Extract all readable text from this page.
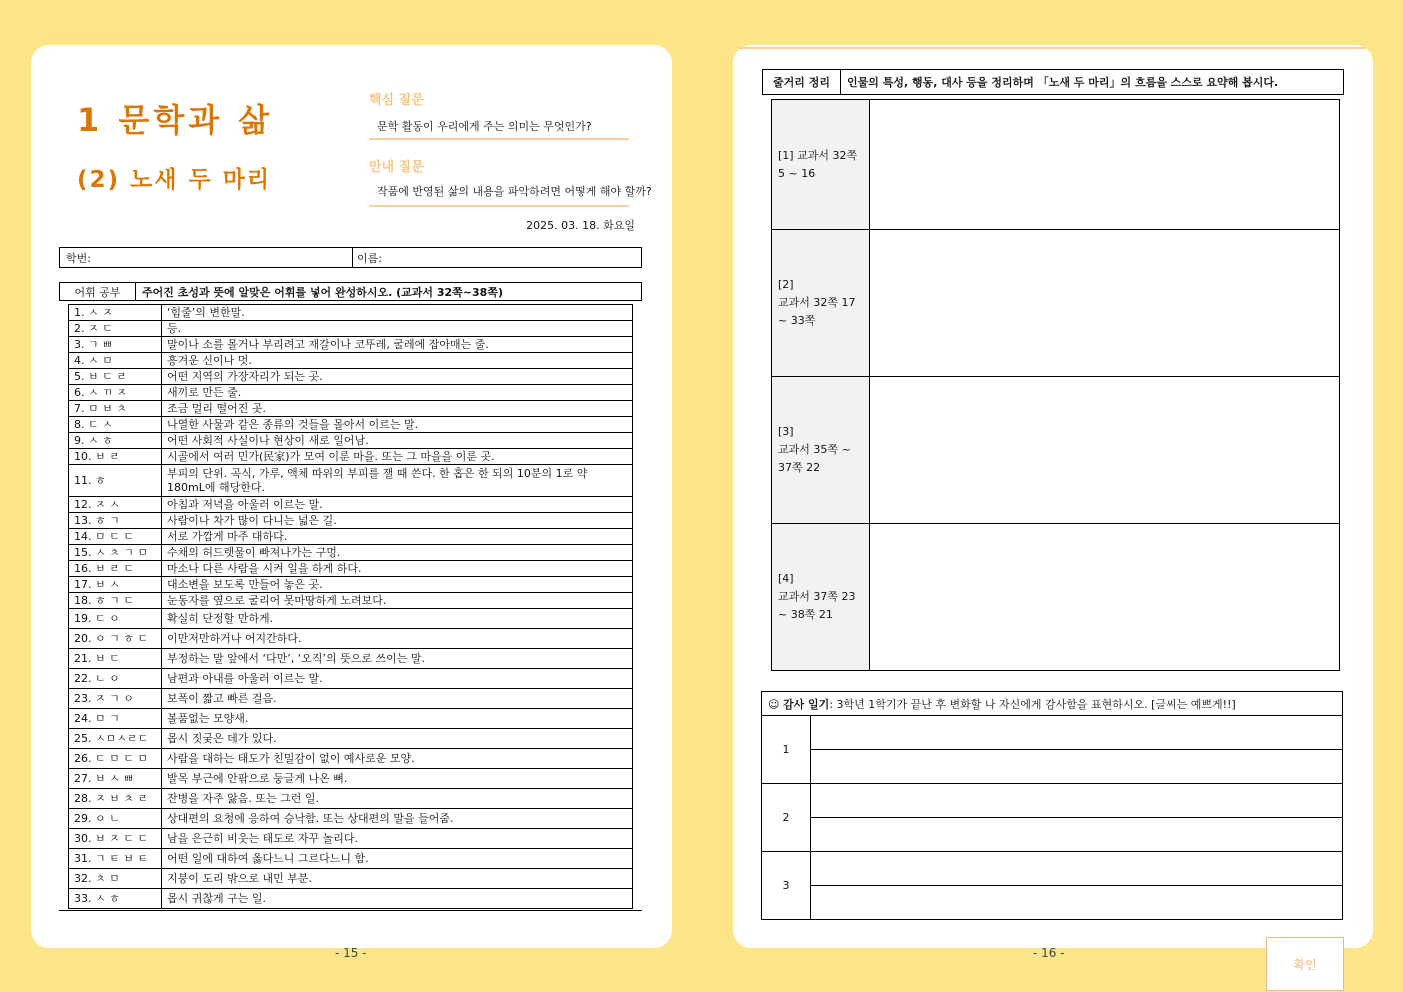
1 문학과 삶
(2) 노새 두 마리
핵심 질문
문학 활동이 우리에게 주는 의미는 무엇인가?
안내 질문
작품에 반영된 삶의 내용을 파악하려면 어떻게 해야 할까?
2025. 03. 18. 화요일
학번:	이름:
어휘 공부	주어진 초성과 뜻에 알맞은 어휘를 넣어 완성하시오. (교과서 32쪽~38쪽)
1. ㅅ ㅈ	‘힘줄’의 변한말.
2. ㅈ ㄷ	등.
3. ㄱ ㅃ	말이나 소를 몰거나 부리려고 재갈이나 코뚜레, 굴레에 잡아매는 줄.
4. ㅅ ㅁ	흥겨운 신이나 멋.
5. ㅂ ㄷ ㄹ	어떤 지역의 가장자리가 되는 곳.
6. ㅅ ㄲ ㅈ	새끼로 만든 줄.
7. ㅁ ㅂ ㅊ	조금 멀리 떨어진 곳.
8. ㄷ ㅅ	나열한 사물과 같은 종류의 것들을 몰아서 이르는 말.
9. ㅅ ㅎ	어떤 사회적 사실이나 현상이 새로 일어남.
10. ㅂ ㄹ	시골에서 여러 민가(民家)가 모여 이룬 마을. 또는 그 마을을 이룬 곳.
11. ㅎ	부피의 단위. 곡식, 가루, 액체 따위의 부피를 잴 때 쓴다. 한 홉은 한 되의 10분의 1로 약 180mL에 해당한다.
12. ㅈ ㅅ	아침과 저녁을 아울러 이르는 말.
13. ㅎ ㄱ	사람이나 차가 많이 다니는 넓은 길.
14. ㅁ ㄷ ㄷ	서로 가깝게 마주 대하다.
15. ㅅ ㅊ ㄱ ㅁ	수채의 허드렛물이 빠져나가는 구멍.
16. ㅂ ㄹ ㄷ	마소나 다른 사람을 시켜 일을 하게 하다.
17. ㅂ ㅅ	대소변을 보도록 만들어 놓은 곳.
18. ㅎ ㄱ ㄷ	눈동자를 옆으로 굴리어 못마땅하게 노려보다.
19. ㄷ ㅇ	확실히 단정할 만하게.
20. ㅇ ㄱ ㅎ ㄷ	이만저만하거나 어지간하다.
21. ㅂ ㄷ	부정하는 말 앞에서 ‘다만’, ‘오직’의 뜻으로 쓰이는 말.
22. ㄴ ㅇ	남편과 아내를 아울러 이르는 말.
23. ㅈ ㄱ ㅇ	보폭이 짧고 빠른 걸음.
24. ㅁ ㄱ	볼품없는 모양새.
25. ㅅㅁㅅㄹㄷ	몹시 짓궂은 데가 있다.
26. ㄷ ㅁ ㄷ ㅁ	사람을 대하는 태도가 친밀감이 없이 예사로운 모양.
27. ㅂ ㅅ ㅃ	발목 부근에 안팎으로 둥글게 나온 뼈.
28. ㅈ ㅂ ㅊ ㄹ	잔병을 자주 앓음. 또는 그런 일.
29. ㅇ ㄴ	상대편의 요청에 응하여 승낙함. 또는 상대편의 말을 들어줌.
30. ㅂ ㅈ ㄷ ㄷ	남을 은근히 비웃는 태도로 자꾸 놀리다.
31. ㄱ ㅌ ㅂ ㅌ	어떤 일에 대하여 옳다느니 그르다느니 함.
32. ㅊ ㅁ	지붕이 도리 밖으로 내민 부분.
33. ㅅ ㅎ	몹시 귀찮게 구는 일.
- 15 -
줄거리 정리	인물의 특성, 행동, 대사 등을 정리하며 「노새 두 마리」의 흐름을 스스로 요약해 봅시다.
[1] 교과서 32쪽
5 ~ 16	

[2]
교과서 32쪽 17 ~ 33쪽	

[3]
교과서 35쪽 ~ 37쪽 22	

[4]
교과서 37쪽 23 ~ 38쪽 21	

☺ 감사 일기: 3학년 1학기가 끝난 후 변화할 나 자신에게 감사함을 표현하시오. [글씨는 예쁘게!!]	
1	

2	

3	

- 16 -
확인
